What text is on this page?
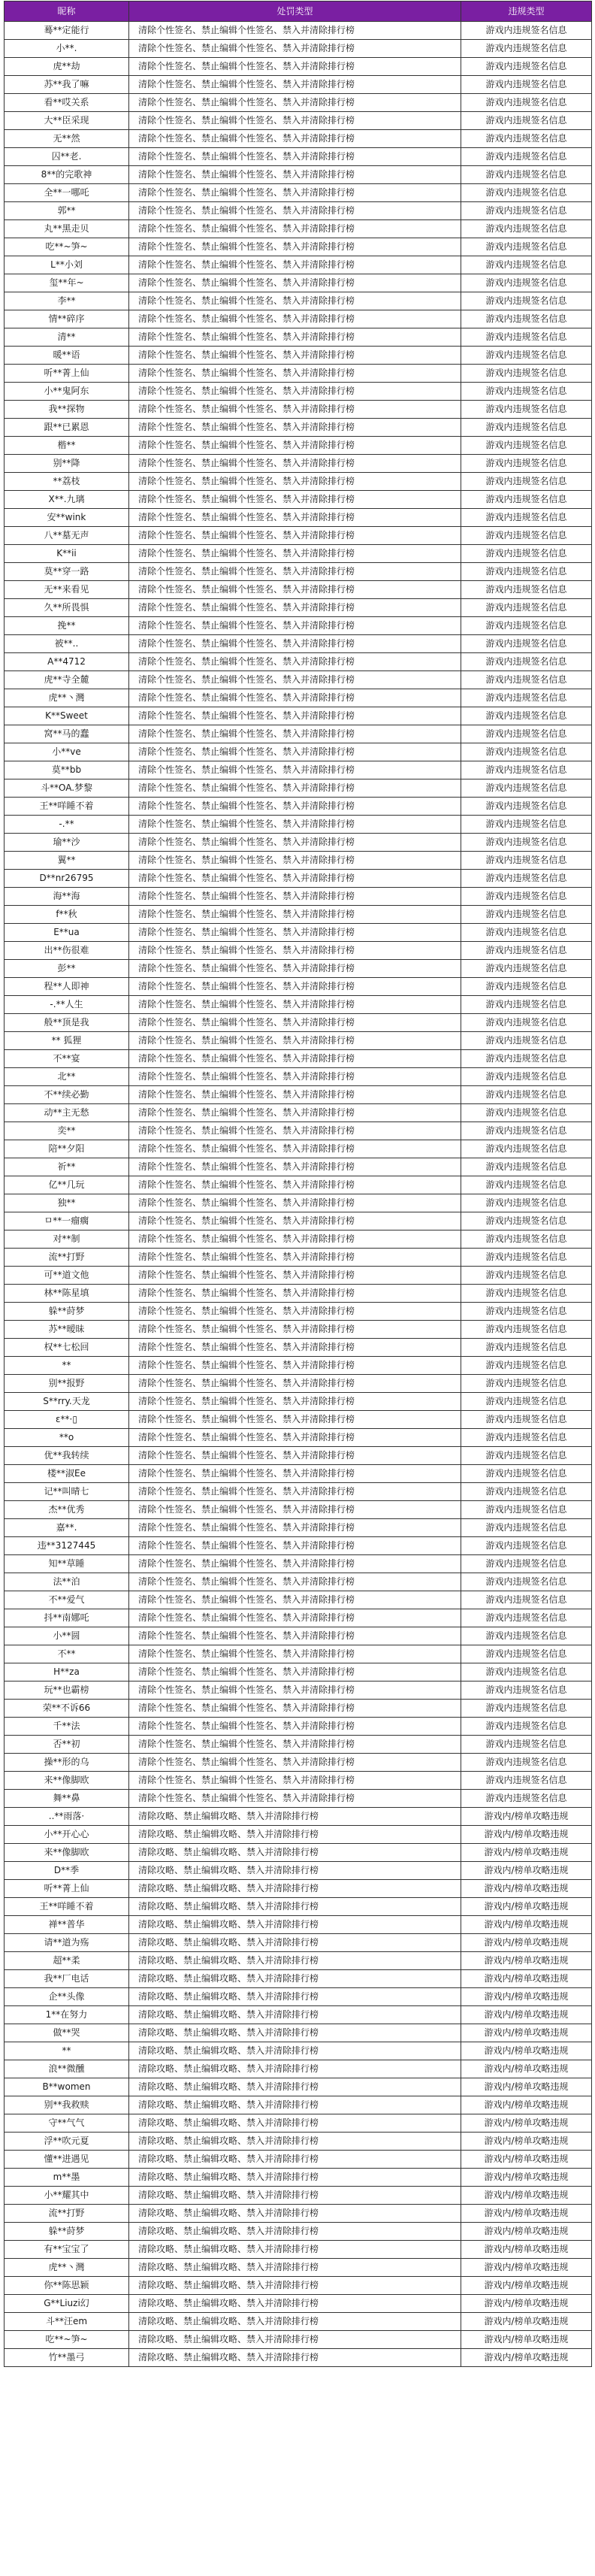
昵称	处罚类型	违规类型
蓦**定能行	清除个性签名、禁止编辑个性签名、禁入并清除排行榜	游戏内违规签名信息
小**.	清除个性签名、禁止编辑个性签名、禁入并清除排行榜	游戏内违规签名信息
虎**劫	清除个性签名、禁止编辑个性签名、禁入并清除排行榜	游戏内违规签名信息
苏**我了嘛	清除个性签名、禁止编辑个性签名、禁入并清除排行榜	游戏内违规签名信息
看**哎关系	清除个性签名、禁止编辑个性签名、禁入并清除排行榜	游戏内违规签名信息
大**臣采现	清除个性签名、禁止编辑个性签名、禁入并清除排行榜	游戏内违规签名信息
无**然	清除个性签名、禁止编辑个性签名、禁入并清除排行榜	游戏内违规签名信息
囚**老.	清除个性签名、禁止编辑个性签名、禁入并清除排行榜	游戏内违规签名信息
8**的完歌神	清除个性签名、禁止编辑个性签名、禁入并清除排行榜	游戏内违规签名信息
全**一哪吒	清除个性签名、禁止编辑个性签名、禁入并清除排行榜	游戏内违规签名信息
郭**	清除个性签名、禁止编辑个性签名、禁入并清除排行榜	游戏内违规签名信息
丸**黑走贝	清除个性签名、禁止编辑个性签名、禁入并清除排行榜	游戏内违规签名信息
吃**~笋~	清除个性签名、禁止编辑个性签名、禁入并清除排行榜	游戏内违规签名信息
L**小刘	清除个性签名、禁止编辑个性签名、禁入并清除排行榜	游戏内违规签名信息
玺**年~	清除个性签名、禁止编辑个性签名、禁入并清除排行榜	游戏内违规签名信息
李**	清除个性签名、禁止编辑个性签名、禁入并清除排行榜	游戏内违规签名信息
情**碎序	清除个性签名、禁止编辑个性签名、禁入并清除排行榜	游戏内违规签名信息
清**	清除个性签名、禁止编辑个性签名、禁入并清除排行榜	游戏内违规签名信息
暖**语	清除个性签名、禁止编辑个性签名、禁入并清除排行榜	游戏内违规签名信息
听**菁上仙	清除个性签名、禁止编辑个性签名、禁入并清除排行榜	游戏内违规签名信息
小**鬼阿东	清除个性签名、禁止编辑个性签名、禁入并清除排行榜	游戏内违规签名信息
我**探物	清除个性签名、禁止编辑个性签名、禁入并清除排行榜	游戏内违规签名信息
跟**已累恩	清除个性签名、禁止编辑个性签名、禁入并清除排行榜	游戏内违规签名信息
楷**	清除个性签名、禁止编辑个性签名、禁入并清除排行榜	游戏内违规签名信息
别**降	清除个性签名、禁止编辑个性签名、禁入并清除排行榜	游戏内违规签名信息
**荔枝	清除个性签名、禁止编辑个性签名、禁入并清除排行榜	游戏内违规签名信息
X**.九璃	清除个性签名、禁止编辑个性签名、禁入并清除排行榜	游戏内违规签名信息
安**wink	清除个性签名、禁止编辑个性签名、禁入并清除排行榜	游戏内违规签名信息
八**墓无声	清除个性签名、禁止编辑个性签名、禁入并清除排行榜	游戏内违规签名信息
K**ii	清除个性签名、禁止编辑个性签名、禁入并清除排行榜	游戏内违规签名信息
莫**穿一路	清除个性签名、禁止编辑个性签名、禁入并清除排行榜	游戏内违规签名信息
无**来看见	清除个性签名、禁止编辑个性签名、禁入并清除排行榜	游戏内违规签名信息
久**所畏惧	清除个性签名、禁止编辑个性签名、禁入并清除排行榜	游戏内违规签名信息
挽**	清除个性签名、禁止编辑个性签名、禁入并清除排行榜	游戏内违规签名信息
被**..	清除个性签名、禁止编辑个性签名、禁入并清除排行榜	游戏内违规签名信息
A**4712	清除个性签名、禁止编辑个性签名、禁入并清除排行榜	游戏内违规签名信息
虎**寺全麓	清除个性签名、禁止编辑个性签名、禁入并清除排行榜	游戏内违规签名信息
虎**丶灣	清除个性签名、禁止编辑个性签名、禁入并清除排行榜	游戏内违规签名信息
K**Sweet	清除个性签名、禁止编辑个性签名、禁入并清除排行榜	游戏内违规签名信息
窝**马的蠢	清除个性签名、禁止编辑个性签名、禁入并清除排行榜	游戏内违规签名信息
小**ve	清除个性签名、禁止编辑个性签名、禁入并清除排行榜	游戏内违规签名信息
莫**bb	清除个性签名、禁止编辑个性签名、禁入并清除排行榜	游戏内违规签名信息
斗**OA.梦黎	清除个性签名、禁止编辑个性签名、禁入并清除排行榜	游戏内违规签名信息
王**咩睡不着	清除个性签名、禁止编辑个性签名、禁入并清除排行榜	游戏内违规签名信息
-.**	清除个性签名、禁止编辑个性签名、禁入并清除排行榜	游戏内违规签名信息
瑜**沙	清除个性签名、禁止编辑个性签名、禁入并清除排行榜	游戏内违规签名信息
翼**	清除个性签名、禁止编辑个性签名、禁入并清除排行榜	游戏内违规签名信息
D**nr26795	清除个性签名、禁止编辑个性签名、禁入并清除排行榜	游戏内违规签名信息
海**海	清除个性签名、禁止编辑个性签名、禁入并清除排行榜	游戏内违规签名信息
f**秋	清除个性签名、禁止编辑个性签名、禁入并清除排行榜	游戏内违规签名信息
E**ua	清除个性签名、禁止编辑个性签名、禁入并清除排行榜	游戏内违规签名信息
出**伤很难	清除个性签名、禁止编辑个性签名、禁入并清除排行榜	游戏内违规签名信息
彭**	清除个性签名、禁止编辑个性签名、禁入并清除排行榜	游戏内违规签名信息
程**人即神	清除个性签名、禁止编辑个性签名、禁入并清除排行榜	游戏内违规签名信息
-.**人生	清除个性签名、禁止编辑个性签名、禁入并清除排行榜	游戏内违规签名信息
般**顶是我	清除个性签名、禁止编辑个性签名、禁入并清除排行榜	游戏内违规签名信息
** 狐狸	清除个性签名、禁止编辑个性签名、禁入并清除排行榜	游戏内违规签名信息
不**宴	清除个性签名、禁止编辑个性签名、禁入并清除排行榜	游戏内违规签名信息
北**	清除个性签名、禁止编辑个性签名、禁入并清除排行榜	游戏内违规签名信息
不**续必勤	清除个性签名、禁止编辑个性签名、禁入并清除排行榜	游戏内违规签名信息
动**主无愁	清除个性签名、禁止编辑个性签名、禁入并清除排行榜	游戏内违规签名信息
奕**	清除个性签名、禁止编辑个性签名、禁入并清除排行榜	游戏内违规签名信息
陪**夕阳	清除个性签名、禁止编辑个性签名、禁入并清除排行榜	游戏内违规签名信息
祈**	清除个性签名、禁止编辑个性签名、禁入并清除排行榜	游戏内违规签名信息
亿**几玩	清除个性签名、禁止编辑个性签名、禁入并清除排行榜	游戏内违规签名信息
独**	清除个性签名、禁止编辑个性签名、禁入并清除排行榜	游戏内违规签名信息
ㅁ**一瘤瘸	清除个性签名、禁止编辑个性签名、禁入并清除排行榜	游戏内违规签名信息
对**制	清除个性签名、禁止编辑个性签名、禁入并清除排行榜	游戏内违规签名信息
流**打野	清除个性签名、禁止编辑个性签名、禁入并清除排行榜	游戏内违规签名信息
可**道文他	清除个性签名、禁止编辑个性签名、禁入并清除排行榜	游戏内违规签名信息
林**陈星填	清除个性签名、禁止编辑个性签名、禁入并清除排行榜	游戏内违规签名信息
躲**莳梦	清除个性签名、禁止编辑个性签名、禁入并清除排行榜	游戏内违规签名信息
苏**暧昧	清除个性签名、禁止编辑个性签名、禁入并清除排行榜	游戏内违规签名信息
权**七松回	清除个性签名、禁止编辑个性签名、禁入并清除排行榜	游戏内违规签名信息
**	清除个性签名、禁止编辑个性签名、禁入并清除排行榜	游戏内违规签名信息
别**报野	清除个性签名、禁止编辑个性签名、禁入并清除排行榜	游戏内违规签名信息
S**rry.天龙	清除个性签名、禁止编辑个性签名、禁入并清除排行榜	游戏内违规签名信息
ε**·▯	清除个性签名、禁止编辑个性签名、禁入并清除排行榜	游戏内违规签名信息
**o	清除个性签名、禁止编辑个性签名、禁入并清除排行榜	游戏内违规签名信息
优**我转续	清除个性签名、禁止编辑个性签名、禁入并清除排行榜	游戏内违规签名信息
楼**淑Ee	清除个性签名、禁止编辑个性签名、禁入并清除排行榜	游戏内违规签名信息
记**叫晴七	清除个性签名、禁止编辑个性签名、禁入并清除排行榜	游戏内违规签名信息
杰**优秀	清除个性签名、禁止编辑个性签名、禁入并清除排行榜	游戏内违规签名信息
嘉**.	清除个性签名、禁止编辑个性签名、禁入并清除排行榜	游戏内违规签名信息
违**3127445	清除个性签名、禁止编辑个性签名、禁入并清除排行榜	游戏内违规签名信息
知**草睡	清除个性签名、禁止编辑个性签名、禁入并清除排行榜	游戏内违规签名信息
法**泊	清除个性签名、禁止编辑个性签名、禁入并清除排行榜	游戏内违规签名信息
不**爱气	清除个性签名、禁止编辑个性签名、禁入并清除排行榜	游戏内违规签名信息
抖**南娜吒	清除个性签名、禁止编辑个性签名、禁入并清除排行榜	游戏内违规签名信息
小**圆	清除个性签名、禁止编辑个性签名、禁入并清除排行榜	游戏内违规签名信息
不**	清除个性签名、禁止编辑个性签名、禁入并清除排行榜	游戏内违规签名信息
H**za	清除个性签名、禁止编辑个性签名、禁入并清除排行榜	游戏内违规签名信息
玩**也霸榜	清除个性签名、禁止编辑个性签名、禁入并清除排行榜	游戏内违规签名信息
荣**不诉66	清除个性签名、禁止编辑个性签名、禁入并清除排行榜	游戏内违规签名信息
千**法	清除个性签名、禁止编辑个性签名、禁入并清除排行榜	游戏内违规签名信息
否**初	清除个性签名、禁止编辑个性签名、禁入并清除排行榜	游戏内违规签名信息
操**形的乌	清除个性签名、禁止编辑个性签名、禁入并清除排行榜	游戏内违规签名信息
来**像脚欧	清除个性签名、禁止编辑个性签名、禁入并清除排行榜	游戏内违规签名信息
舞**鼻	清除个性签名、禁止编辑个性签名、禁入并清除排行榜	游戏内违规签名信息
..**雨落·	清除攻略、禁止编辑攻略、禁入并清除排行榜	游戏内/榜单攻略违规
小**开心心	清除攻略、禁止编辑攻略、禁入并清除排行榜	游戏内/榜单攻略违规
来**像脚欧	清除攻略、禁止编辑攻略、禁入并清除排行榜	游戏内/榜单攻略违规
D**季	清除攻略、禁止编辑攻略、禁入并清除排行榜	游戏内/榜单攻略违规
听**菁上仙	清除攻略、禁止编辑攻略、禁入并清除排行榜	游戏内/榜单攻略违规
王**咩睡不着	清除攻略、禁止编辑攻略、禁入并清除排行榜	游戏内/榜单攻略违规
禅**普华	清除攻略、禁止编辑攻略、禁入并清除排行榜	游戏内/榜单攻略违规
请**道为殇	清除攻略、禁止编辑攻略、禁入并清除排行榜	游戏内/榜单攻略违规
超**柔	清除攻略、禁止编辑攻略、禁入并清除排行榜	游戏内/榜单攻略违规
我**厂电话	清除攻略、禁止编辑攻略、禁入并清除排行榜	游戏内/榜单攻略违规
企**头像	清除攻略、禁止编辑攻略、禁入并清除排行榜	游戏内/榜单攻略违规
1**在努力	清除攻略、禁止编辑攻略、禁入并清除排行榜	游戏内/榜单攻略违规
做**哭	清除攻略、禁止编辑攻略、禁入并清除排行榜	游戏内/榜单攻略违规
**	清除攻略、禁止编辑攻略、禁入并清除排行榜	游戏内/榜单攻略违规
浪**微醺	清除攻略、禁止编辑攻略、禁入并清除排行榜	游戏内/榜单攻略违规
B**women	清除攻略、禁止编辑攻略、禁入并清除排行榜	游戏内/榜单攻略违规
别**我救赎	清除攻略、禁止编辑攻略、禁入并清除排行榜	游戏内/榜单攻略违规
守**气气	清除攻略、禁止编辑攻略、禁入并清除排行榜	游戏内/榜单攻略违规
浮**吹元夏	清除攻略、禁止编辑攻略、禁入并清除排行榜	游戏内/榜单攻略违规
懂**进遇见	清除攻略、禁止编辑攻略、禁入并清除排行榜	游戏内/榜单攻略违规
m**墨	清除攻略、禁止编辑攻略、禁入并清除排行榜	游戏内/榜单攻略违规
小**耀其中	清除攻略、禁止编辑攻略、禁入并清除排行榜	游戏内/榜单攻略违规
流**打野	清除攻略、禁止编辑攻略、禁入并清除排行榜	游戏内/榜单攻略违规
躲**莳梦	清除攻略、禁止编辑攻略、禁入并清除排行榜	游戏内/榜单攻略违规
有**宝宝了	清除攻略、禁止编辑攻略、禁入并清除排行榜	游戏内/榜单攻略违规
虎**丶灣	清除攻略、禁止编辑攻略、禁入并清除排行榜	游戏内/榜单攻略违规
你**陈思颖	清除攻略、禁止编辑攻略、禁入并清除排行榜	游戏内/榜单攻略违规
G**Liuzi幻	清除攻略、禁止编辑攻略、禁入并清除排行榜	游戏内/榜单攻略违规
斗**汪em	清除攻略、禁止编辑攻略、禁入并清除排行榜	游戏内/榜单攻略违规
吃**~笋~	清除攻略、禁止编辑攻略、禁入并清除排行榜	游戏内/榜单攻略违规
竹**墨弓	清除攻略、禁止编辑攻略、禁入并清除排行榜	游戏内/榜单攻略违规
